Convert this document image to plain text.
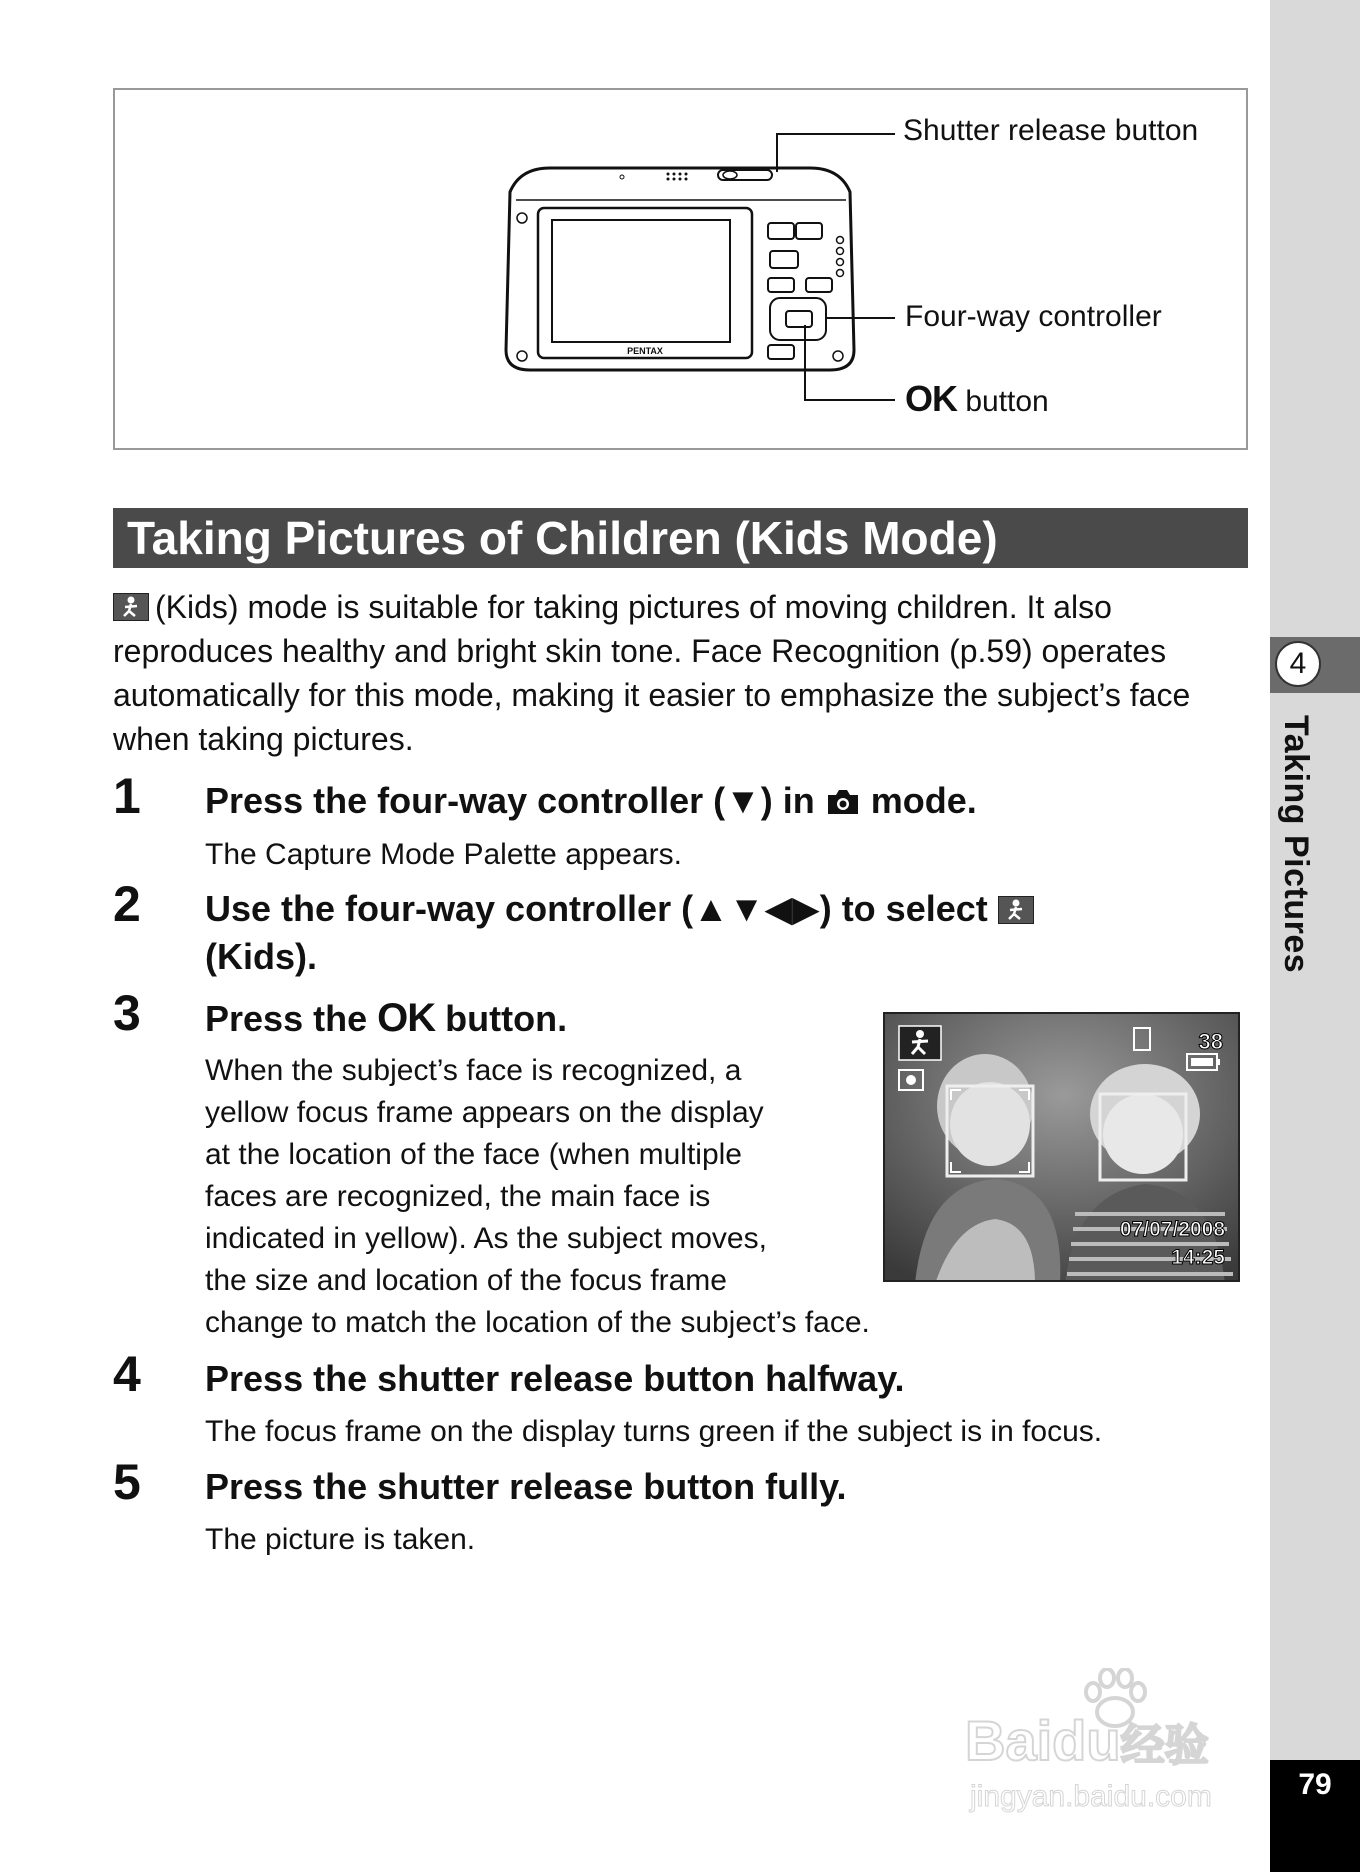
4
Taking Pictures
79
PENTAX
Shutter release button
Four-way controller
OK button
Taking Pictures of Children (Kids Mode)
(Kids) mode is suitable for taking pictures of moving children. It also reproduces healthy and bright skin tone. Face Recognition (p.59) operates automatically for this mode, making it easier to emphasize the subject’s face when taking pictures.
1 Press the four-way controller (▼) in mode.
The Capture Mode Palette appears.
2 Use the four-way controller (▲▼◀▶) to select

(Kids).
3 Press the OK button.
When the subject’s face is recognized, a
yellow focus frame appears on the display
at the location of the face (when multiple
faces are recognized, the main face is
indicated in yellow). As the subject moves,
the size and location of the focus frame
change to match the location of the subject’s face.
38
07/07/2008
14:25
4 Press the shutter release button halfway.
The focus frame on the display turns green if the subject is in focus.
5 Press the shutter release button fully.
The picture is taken.
Baidu经验
jingyan.baidu.com
